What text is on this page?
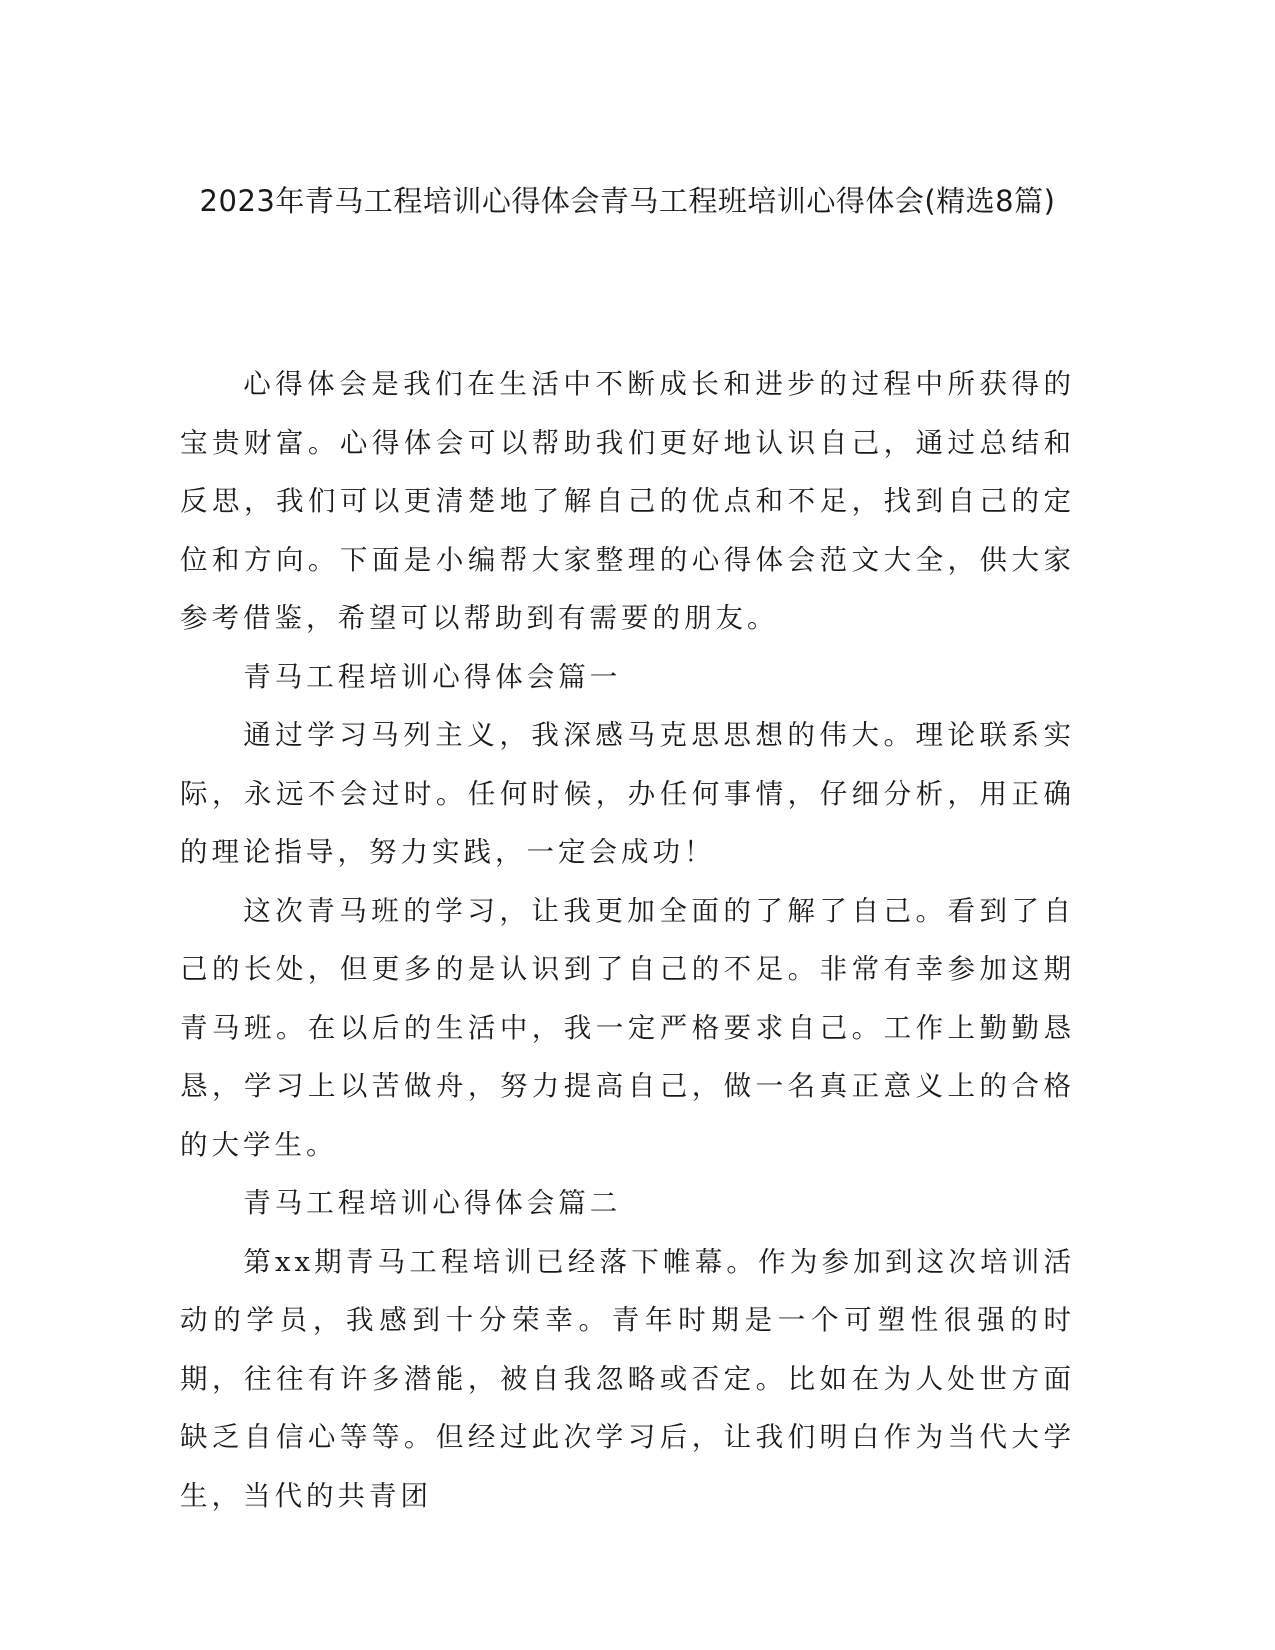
2023年青马工程培训心得体会青马工程班培训心得体会(精选8篇)

心得体会是我们在生活中不断成长和进步的过程中所获得的宝贵财富。心得体会可以帮助我们更好地认识自己，通过总结和反思，我们可以更清楚地了解自己的优点和不足，找到自己的定位和方向。下面是小编帮大家整理的心得体会范文大全，供大家参考借鉴，希望可以帮助到有需要的朋友。

青马工程培训心得体会篇一

通过学习马列主义，我深感马克思思想的伟大。理论联系实际，永远不会过时。任何时候，办任何事情，仔细分析，用正确的理论指导，努力实践，一定会成功！

这次青马班的学习，让我更加全面的了解了自己。看到了自己的长处，但更多的是认识到了自己的不足。非常有幸参加这期青马班。在以后的生活中，我一定严格要求自己。工作上勤勤恳恳，学习上以苦做舟，努力提高自己，做一名真正意义上的合格的大学生。

青马工程培训心得体会篇二

第xx期青马工程培训已经落下帷幕。作为参加到这次培训活动的学员，我感到十分荣幸。青年时期是一个可塑性很强的时期，往往有许多潜能，被自我忽略或否定。比如在为人处世方面缺乏自信心等等。但经过此次学习后，让我们明白作为当代大学生，当代的共青团
